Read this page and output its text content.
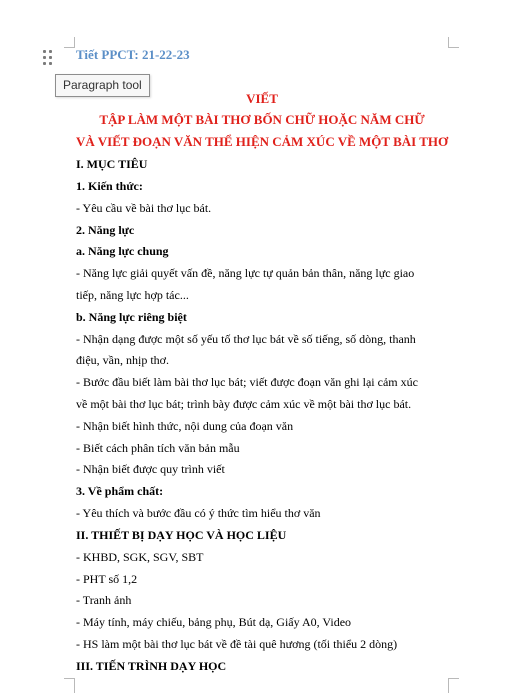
Tiết PPCT: 21-22-23
Paragraph tool
VIẾT
TẬP LÀM MỘT BÀI THƠ BỐN CHỮ HOẶC NĂM CHỮ
VÀ VIẾT ĐOẠN VĂN THỂ HIỆN CẢM XÚC VỀ MỘT BÀI THƠ
I. MỤC TIÊU
1. Kiến thức:
- Yêu cầu về bài thơ lục bát.
2. Năng lực
a. Năng lực chung
- Năng lực giải quyết vấn đề, năng lực tự quản bản thân, năng lực giao
tiếp, năng lực hợp tác...
b. Năng lực riêng biệt
- Nhận dạng được một số yếu tố thơ lục bát về số tiếng, số dòng, thanh
điệu, vần, nhịp thơ.
- Bước đầu biết làm bài thơ lục bát; viết được đoạn văn ghi lại cảm xúc
về một bài thơ lục bát; trình bày được cảm xúc về một bài thơ lục bát.
- Nhận biết hình thức, nội dung của đoạn văn
- Biết cách phân tích văn bản mẫu
- Nhận biết được quy trình viết
3. Về phẩm chất:
- Yêu thích và bước đầu có ý thức tìm hiểu thơ văn
II. THIẾT BỊ DẠY HỌC VÀ HỌC LIỆU
- KHBD, SGK, SGV, SBT
- PHT số 1,2
- Tranh ảnh
- Máy tính, máy chiếu, bảng phụ, Bút dạ, Giấy A0, Video
- HS làm một bài thơ lục bát về đề tài quê hương (tối thiểu 2 dòng)
III. TIẾN TRÌNH DẠY HỌC
